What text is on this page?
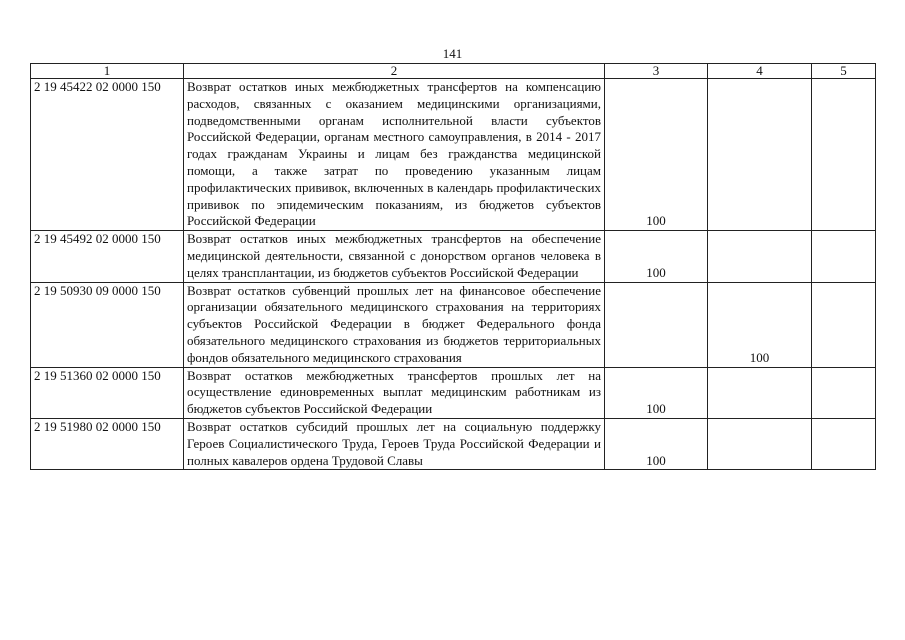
141
1	2	3	4	5
2 19 45422 02 0000 150	Возврат остатков иных межбюджетных трансфертов на компенсацию расходов, связанных с оказанием медицинскими организациями, подведомственными органам исполнительной власти субъектов Российской Федерации, органам местного самоуправления, в 2014 - 2017 годах гражданам Украины и лицам без гражданства медицинской помощи, а также затрат по проведению указанным лицам профилактических прививок, включенных в календарь профилактических прививок по эпидемическим показаниям, из бюджетов субъектов Российской Федерации	100		
2 19 45492 02 0000 150	Возврат остатков иных межбюджетных трансфертов на обеспечение медицинской деятельности, связанной с донорством органов человека в целях трансплантации, из бюджетов субъектов Российской Федерации	100		
2 19 50930 09 0000 150	Возврат остатков субвенций прошлых лет на финансовое обеспечение организации обязательного медицинского страхования на территориях субъектов Российской Федерации в бюджет Федерального фонда обязательного медицинского страхования из бюджетов территориальных фондов обязательного медицинского страхования		100	
2 19 51360 02 0000 150	Возврат остатков межбюджетных трансфертов прошлых лет на осуществление единовременных выплат медицинским работникам из бюджетов субъектов Российской Федерации	100		
2 19 51980 02 0000 150	Возврат остатков субсидий прошлых лет на социальную поддержку Героев Социалистического Труда, Героев Труда Российской Федерации и полных кавалеров ордена Трудовой Славы	100		
